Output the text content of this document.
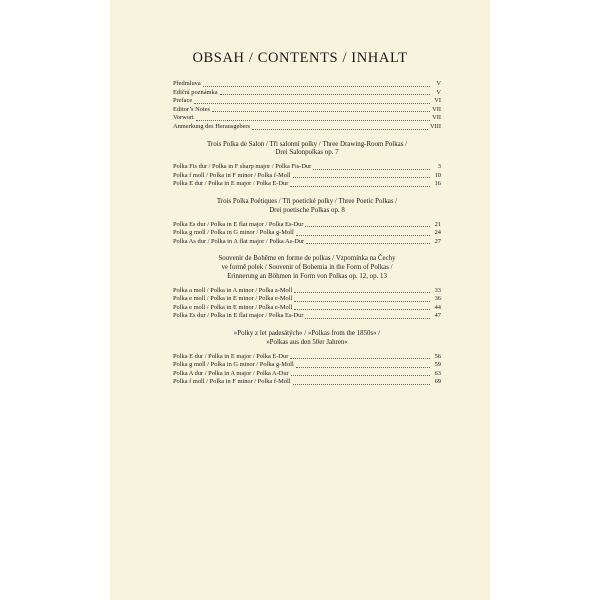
OBSAH / CONTENTS / INHALT
Předmluva	V
Ediční poznámka	V
Preface	VI
Editor’s Notes	VII
Vorwort	VII
Anmerkung des Herausgebers	VIII
Trois Polka de Salon / Tři salonní polky / Three Drawing-Room Polkas /
Drei Salonpolkas op. 7
Polka Fis dur / Polka in F sharp major / Polka Fis-Dur	3
Polka f moll / Polka in F minor / Polka f-Moll	10
Polka E dur / Polka in E major / Polka E-Dur	16
Trois Polka Poétiques / Tři poetické polky / Three Poetic Polkas /
Drei poetische Polkas op. 8
Polka Es dur / Polka in E flat major / Polka Es-Dur	21
Polka g moll / Polka in G minor / Polka g-Moll	24
Polka As dur / Polka in A flat major / Polka As-Dur	27
Souvenir de Bohême en forme de polkas / Vzpomínka na Čechy
ve formě polek / Souvenir of Bohemia in the Form of Polkas /
Erinnerung an Böhmen in Form von Polkas op. 12, op. 13
Polka a moll / Polka in A minor / Polka a-Moll	33
Polka e moll / Polka in E minor / Polka e-Moll	36
Polka e moll / Polka in E minor / Polka e-Moll	44
Polka Es dur / Polka in E flat major / Polka Es-Dur	47
»Polky z let padesátých« / »Polkas from the 1850s« /
»Polkas aus den 50er Jahren«
Polka E dur / Polka in E major / Polka E-Dur	56
Polka g moll / Polka in G minor / Polka g-Moll	59
Polka A dur / Polka in A major / Polka A-Dur	63
Polka f moll / Polka in F minor / Polka f-Moll	69
